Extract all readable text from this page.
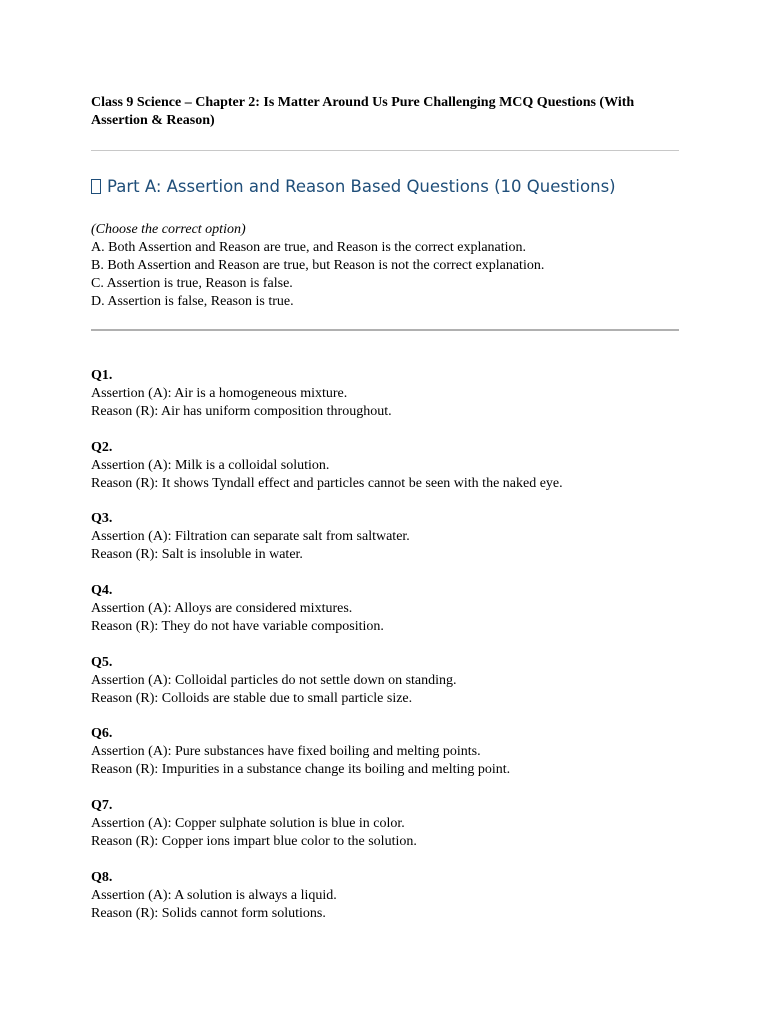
Class 9 Science – Chapter 2: Is Matter Around Us Pure Challenging MCQ Questions (With Assertion & Reason)
Part A: Assertion and Reason Based Questions (10 Questions)
(Choose the correct option)
A. Both Assertion and Reason are true, and Reason is the correct explanation.
B. Both Assertion and Reason are true, but Reason is not the correct explanation.
C. Assertion is true, Reason is false.
D. Assertion is false, Reason is true.
Q1.
Assertion (A): Air is a homogeneous mixture.
Reason (R): Air has uniform composition throughout.
Q2.
Assertion (A): Milk is a colloidal solution.
Reason (R): It shows Tyndall effect and particles cannot be seen with the naked eye.
Q3.
Assertion (A): Filtration can separate salt from saltwater.
Reason (R): Salt is insoluble in water.
Q4.
Assertion (A): Alloys are considered mixtures.
Reason (R): They do not have variable composition.
Q5.
Assertion (A): Colloidal particles do not settle down on standing.
Reason (R): Colloids are stable due to small particle size.
Q6.
Assertion (A): Pure substances have fixed boiling and melting points.
Reason (R): Impurities in a substance change its boiling and melting point.
Q7.
Assertion (A): Copper sulphate solution is blue in color.
Reason (R): Copper ions impart blue color to the solution.
Q8.
Assertion (A): A solution is always a liquid.
Reason (R): Solids cannot form solutions.
